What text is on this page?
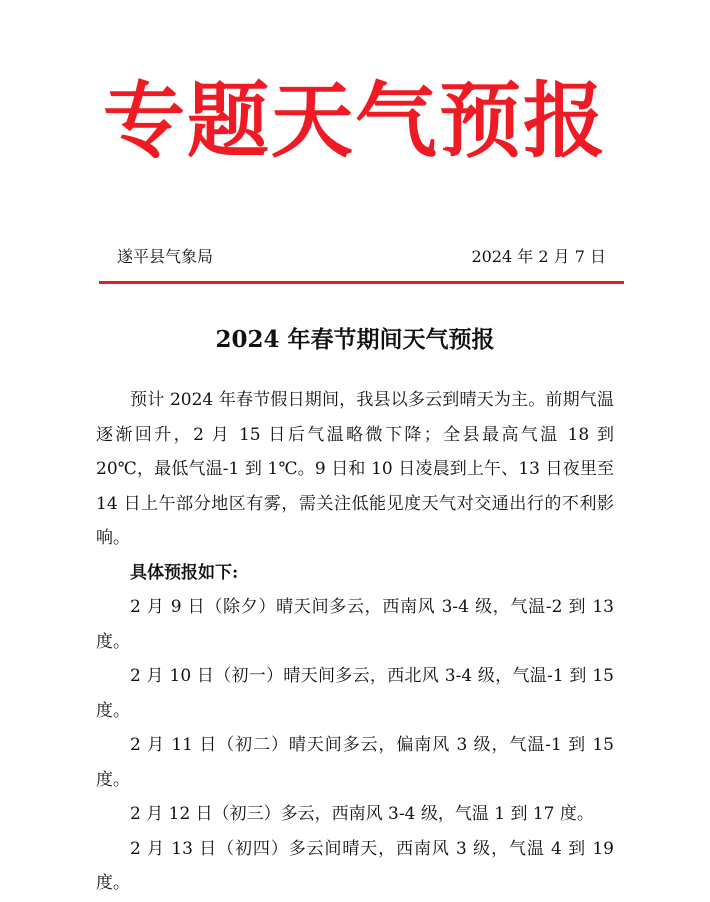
专题天气预报
遂平县气象局	2024 年 2 月 7 日
2024 年春节期间天气预报

预计 2024 年春节假日期间，我县以多云到晴天为主。前期气温逐渐回升，2 月 15 日后气温略微下降；全县最高气温 18 到 20℃，最低气温-1 到 1℃。9 日和 10 日凌晨到上午、13 日夜里至 14 日上午部分地区有雾，需关注低能见度天气对交通出行的不利影响。

具体预报如下:

2 月 9 日（除夕）晴天间多云，西南风 3-4 级，气温-2 到 13 度。

2 月 10 日（初一）晴天间多云，西北风 3-4 级，气温-1 到 15 度。

2 月 11 日（初二）晴天间多云，偏南风 3 级，气温-1 到 15 度。

2 月 12 日（初三）多云，西南风 3-4 级，气温 1 到 17 度。

2 月 13 日（初四）多云间晴天，西南风 3 级，气温 4 到 19 度。
